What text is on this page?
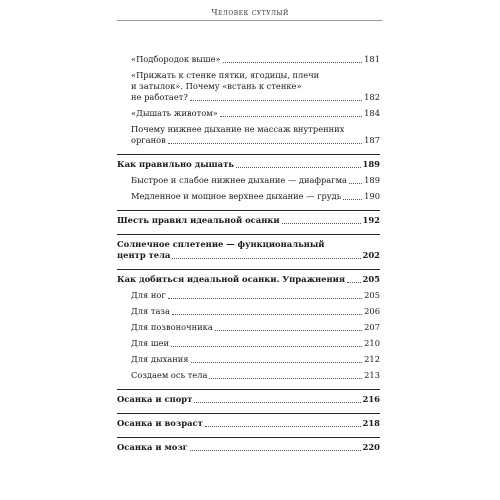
Человек сутулый
«Подбородок выше»	181
«Прижать к стенке пятки, ягодицы, плечи
и затылок». Почему «встань к стенке»
не работает?	182
«Дышать животом»	184
Почему нижнее дыхание не массаж внутренних
органов	187
Как правильно дышать	189
Быстрое и слабое нижнее дыхание — диафрагма 189
Медленное и мощное верхнее дыхание — грудь	190
Шесть правил идеальной осанки	192
Солнечное сплетение — функциональный
центр тела	202
Как добиться идеальной осанки. Упражнения 205
Для ног	205
Для таза	206
Для позвоночника	207
Для шеи	210
Для дыхания	212
Создаем ось тела	213
Осанка и спорт	216
Осанка и возраст	218
Осанка и мозг	220
